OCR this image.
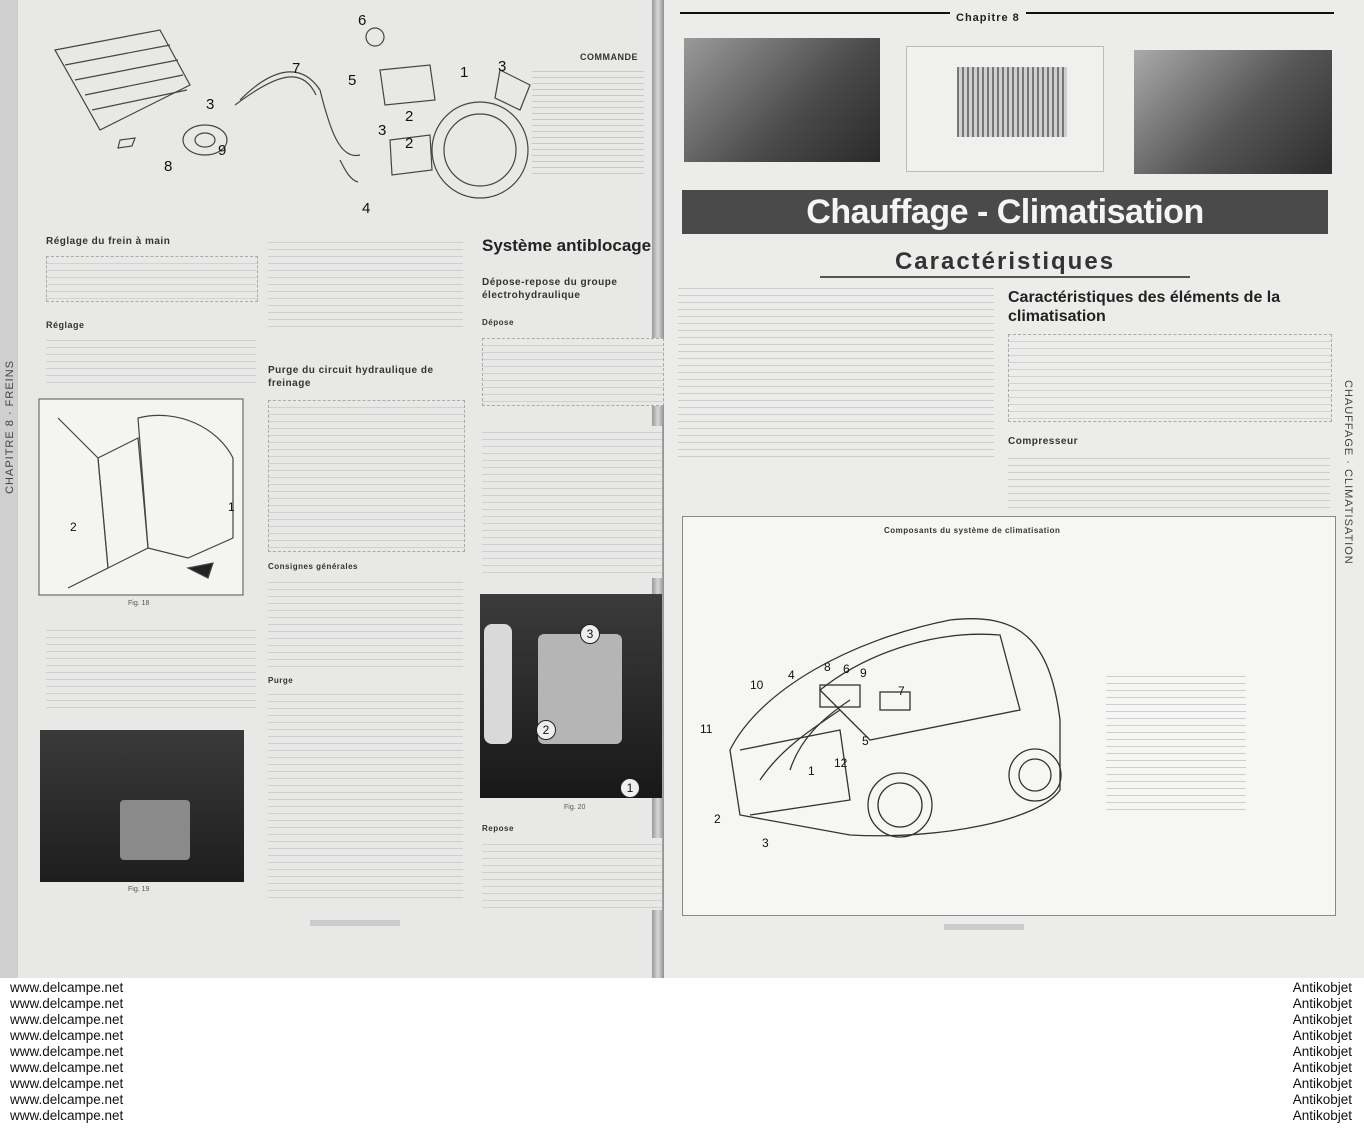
6
7	1 3
5
3
2
2
3
8
9
4
COMMANDE
Réglage du frein à main
Réglage
1
2
Fig. 18
Fig. 19
Purge du circuit hydraulique de freinage
Consignes générales
Purge
Système antiblocage
Dépose-repose du groupe électrohydraulique
Dépose
3
2
1
Fig. 20
Repose
CHAPITRE 8 · FREINS
Chapitre 8
Chauffage - Climatisation
Caractéristiques
Caractéristiques des éléments de la climatisation
Compresseur
Composants du système de climatisation
10
4
8 6 9
7
11
5
1
12
2
3
CHAUFFAGE · CLIMATISATION
www.delcampe.net
www.delcampe.net
www.delcampe.net
www.delcampe.net
www.delcampe.net
www.delcampe.net
www.delcampe.net
www.delcampe.net
www.delcampe.net
Antikobjet
Antikobjet
Antikobjet
Antikobjet
Antikobjet
Antikobjet
Antikobjet
Antikobjet
Antikobjet
